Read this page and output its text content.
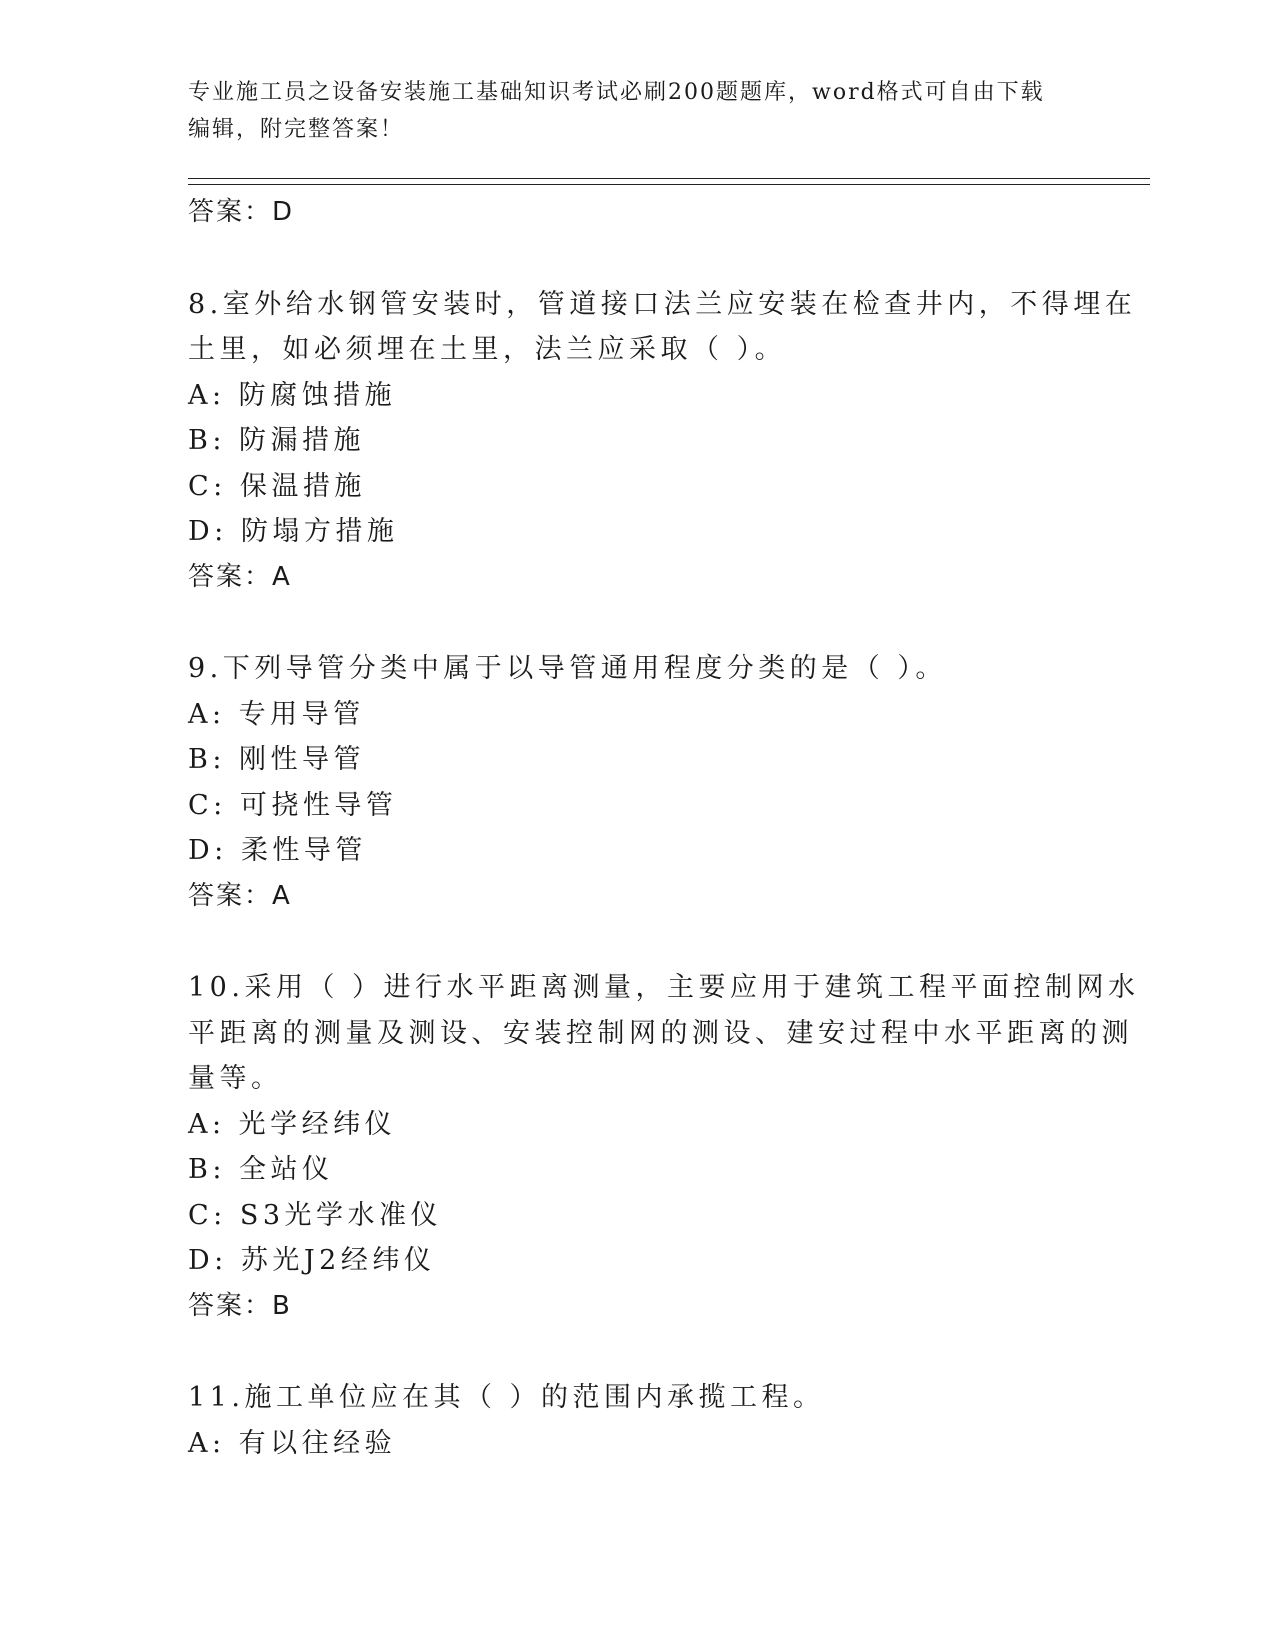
专业施工员之设备安装施工基础知识考试必刷200题题库，word格式可自由下载
编辑，附完整答案！
答案：D
8.室外给水钢管安装时，管道接口法兰应安装在检查井内，不得埋在
土里，如必须埋在土里，法兰应采取（ ）。
A: 防腐蚀措施
B: 防漏措施
C: 保温措施
D: 防塌方措施
答案：A
9.下列导管分类中属于以导管通用程度分类的是（ ）。
A: 专用导管
B: 刚性导管
C: 可挠性导管
D: 柔性导管
答案：A
10.采用（ ）进行水平距离测量，主要应用于建筑工程平面控制网水
平距离的测量及测设、安装控制网的测设、建安过程中水平距离的测
量等。
A: 光学经纬仪
B: 全站仪
C: S3光学水准仪
D: 苏光J2经纬仪
答案：B
11.施工单位应在其（ ）的范围内承揽工程。
A: 有以往经验
